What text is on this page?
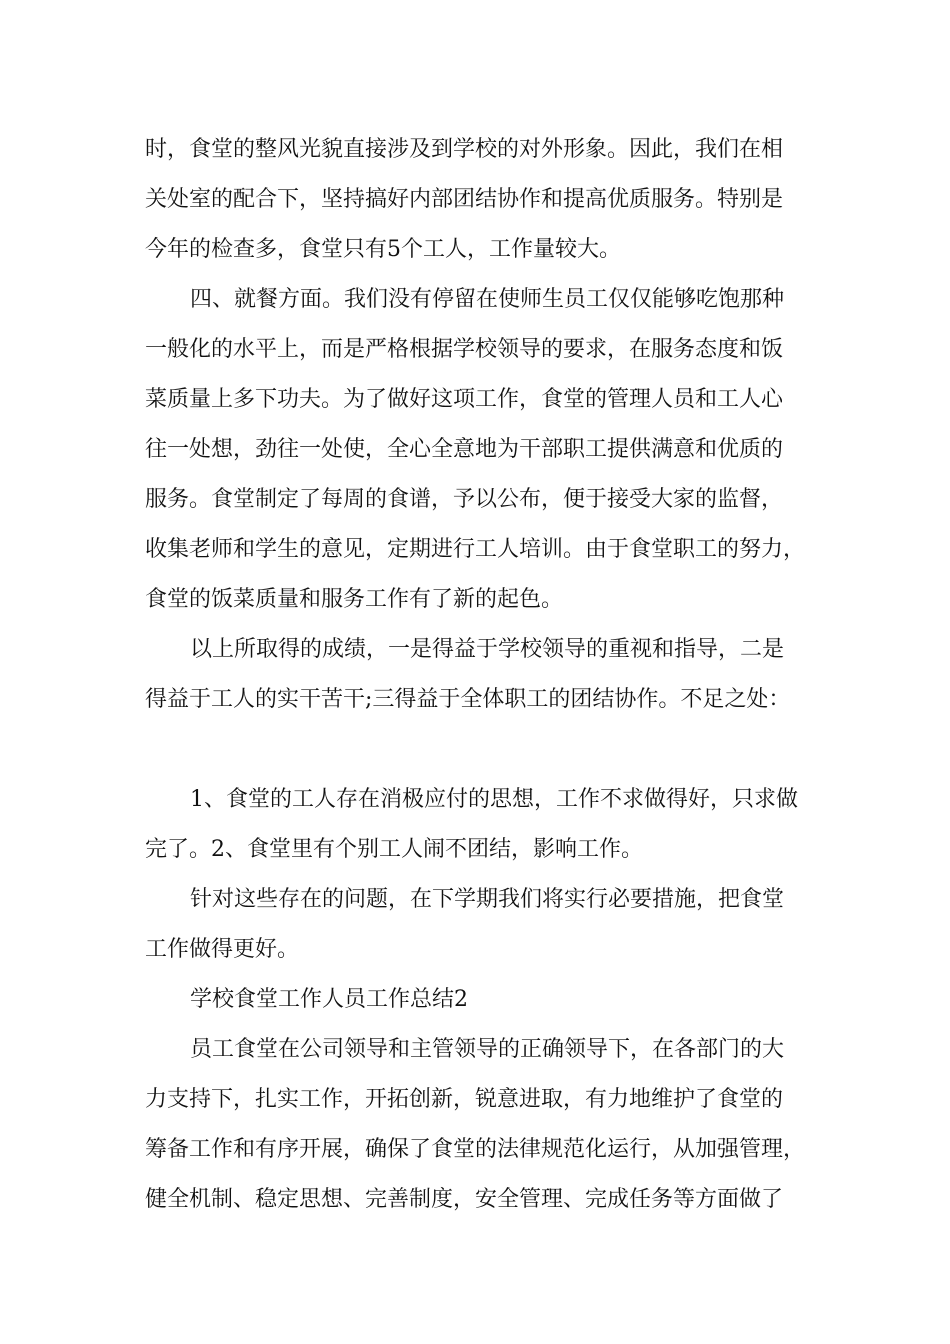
时，食堂的整风光貌直接涉及到学校的对外形象。因此，我们在相
关处室的配合下，坚持搞好内部团结协作和提高优质服务。特别是
今年的检查多，食堂只有5个工人，工作量较大。
四、就餐方面。我们没有停留在使师生员工仅仅能够吃饱那种
一般化的水平上，而是严格根据学校领导的要求，在服务态度和饭
菜质量上多下功夫。为了做好这项工作，食堂的管理人员和工人心
往一处想，劲往一处使，全心全意地为干部职工提供满意和优质的
服务。食堂制定了每周的食谱，予以公布，便于接受大家的监督，
收集老师和学生的意见，定期进行工人培训。由于食堂职工的努力，
食堂的饭菜质量和服务工作有了新的起色。
以上所取得的成绩，一是得益于学校领导的重视和指导，二是
得益于工人的实干苦干;三得益于全体职工的团结协作。不足之处：
1、食堂的工人存在消极应付的思想，工作不求做得好，只求做
完了。2、食堂里有个别工人闹不团结，影响工作。
针对这些存在的问题，在下学期我们将实行必要措施，把食堂
工作做得更好。
学校食堂工作人员工作总结2
员工食堂在公司领导和主管领导的正确领导下，在各部门的大
力支持下，扎实工作，开拓创新，锐意进取，有力地维护了食堂的
筹备工作和有序开展，确保了食堂的法律规范化运行，从加强管理，
健全机制、稳定思想、完善制度，安全管理、完成任务等方面做了
